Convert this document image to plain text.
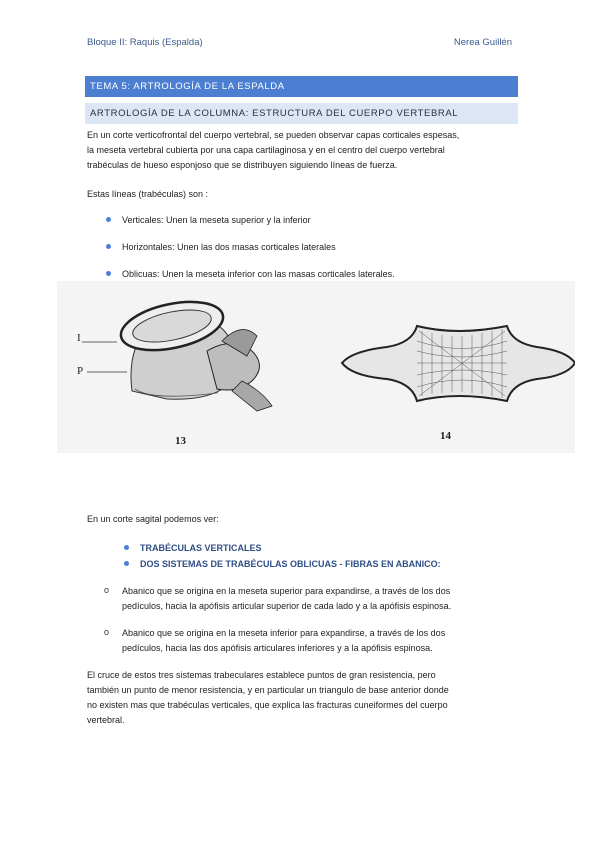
Bloque II: Raquis (Espalda)	Nerea Guillén
TEMA 5: ARTROLOGÍA DE LA ESPALDA
ARTROLOGÍA DE LA COLUMNA: ESTRUCTURA DEL CUERPO VERTEBRAL
En un corte verticofrontal del cuerpo vertebral, se pueden observar capas corticales espesas,
la meseta vertebral cubierta por una capa cartilaginosa y en el centro del cuerpo vertebral
trabéculas de hueso esponjoso que se distribuyen siguiendo líneas de fuerza.
Estas líneas (trabéculas) son :
Verticales: Unen la meseta superior y la inferior
Horizontales: Unen las dos masas corticales laterales
Oblicuas: Unen la meseta inferior con las masas corticales laterales.
I
P
13	14
En un corte sagital podemos ver:
TRABÉCULAS VERTICALES
DOS SISTEMAS DE TRABÉCULAS OBLICUAS - FIBRAS EN ABANICO:
o Abanico que se origina en la meseta superior para expandirse, a través de los dos
pedículos, hacia la apófisis articular superior de cada lado y a la apófisis espinosa.
o Abanico que se origina en la meseta inferior para expandirse, a través de los dos
pedículos, hacia las dos apófisis articulares inferiores y a la apófisis espinosa.
El cruce de estos tres sistemas trabeculares establece puntos de gran resistencia, pero
también un punto de menor resistencia, y en particular un triangulo de base anterior donde
no existen mas que trabéculas verticales, que explica las fracturas cuneiformes del cuerpo
vertebral.
